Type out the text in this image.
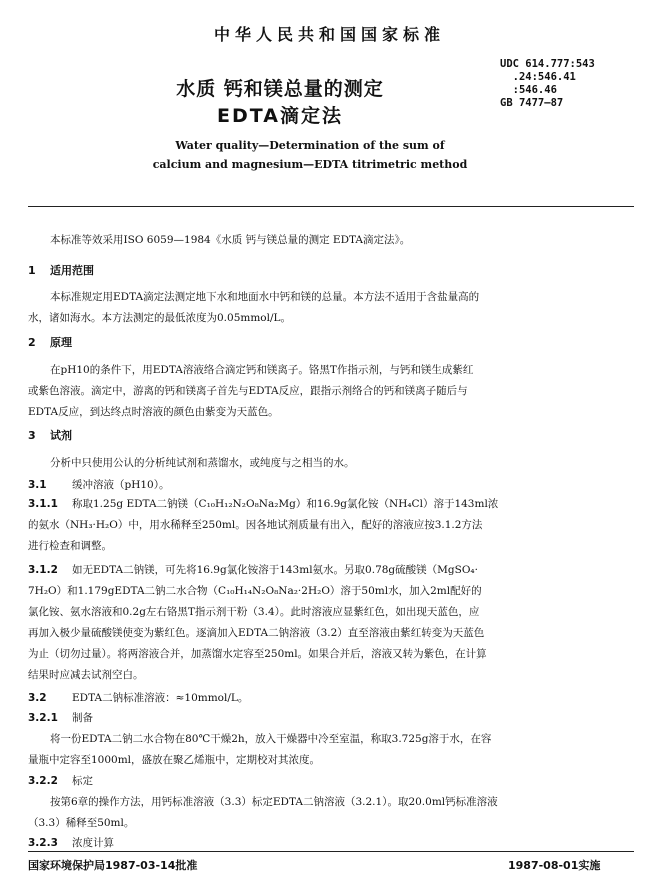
中华人民共和国国家标准
UDC 614.777:543
.24:546.41
:546.46
GB 7477—87
水质 钙和镁总量的测定
EDTA滴定法
Water quality—Determination of the sum of
calcium and magnesium—EDTA titrimetric method
本标准等效采用ISO 6059—1984《水质 钙与镁总量的测定 EDTA滴定法》。
1 适用范围
本标准规定用EDTA滴定法测定地下水和地面水中钙和镁的总量。本方法不适用于含盐量高的
水，诸如海水。本方法测定的最低浓度为0.05mmol/L。
2 原理
在pH10的条件下，用EDTA溶液络合滴定钙和镁离子。铬黑T作指示剂，与钙和镁生成紫红
或紫色溶液。滴定中，游离的钙和镁离子首先与EDTA反应，跟指示剂络合的钙和镁离子随后与
EDTA反应，到达终点时溶液的颜色由紫变为天蓝色。
3 试剂
分析中只使用公认的分析纯试剂和蒸馏水，或纯度与之相当的水。
3.1 缓冲溶液（pH10）。
3.1.1 称取1.25g EDTA二钠镁（C₁₀H₁₂N₂O₈Na₂Mg）和16.9g氯化铵（NH₄Cl）溶于143ml浓
的氨水（NH₃·H₂O）中，用水稀释至250ml。因各地试剂质量有出入，配好的溶液应按3.1.2方法
进行检查和调整。
3.1.2 如无EDTA二钠镁，可先将16.9g氯化铵溶于143ml氨水。另取0.78g硫酸镁（MgSO₄·
7H₂O）和1.179gEDTA二钠二水合物（C₁₀H₁₄N₂O₈Na₂·2H₂O）溶于50ml水，加入2ml配好的
氯化铵、氨水溶液和0.2g左右铬黑T指示剂干粉（3.4）。此时溶液应显紫红色，如出现天蓝色，应
再加入极少量硫酸镁使变为紫红色。逐滴加入EDTA二钠溶液（3.2）直至溶液由紫红转变为天蓝色
为止（切勿过量）。将两溶液合并，加蒸馏水定容至250ml。如果合并后，溶液又转为紫色，在计算
结果时应减去试剂空白。
3.2 EDTA二钠标准溶液：≈10mmol/L。
3.2.1 制备
将一份EDTA二钠二水合物在80℃干燥2h，放入干燥器中冷至室温，称取3.725g溶于水，在容
量瓶中定容至1000ml，盛放在聚乙烯瓶中，定期校对其浓度。
3.2.2 标定
按第6章的操作方法，用钙标准溶液（3.3）标定EDTA二钠溶液（3.2.1）。取20.0ml钙标准溶液
（3.3）稀释至50ml。
3.2.3 浓度计算
国家环境保护局1987-03-14批准	1987-08-01实施
